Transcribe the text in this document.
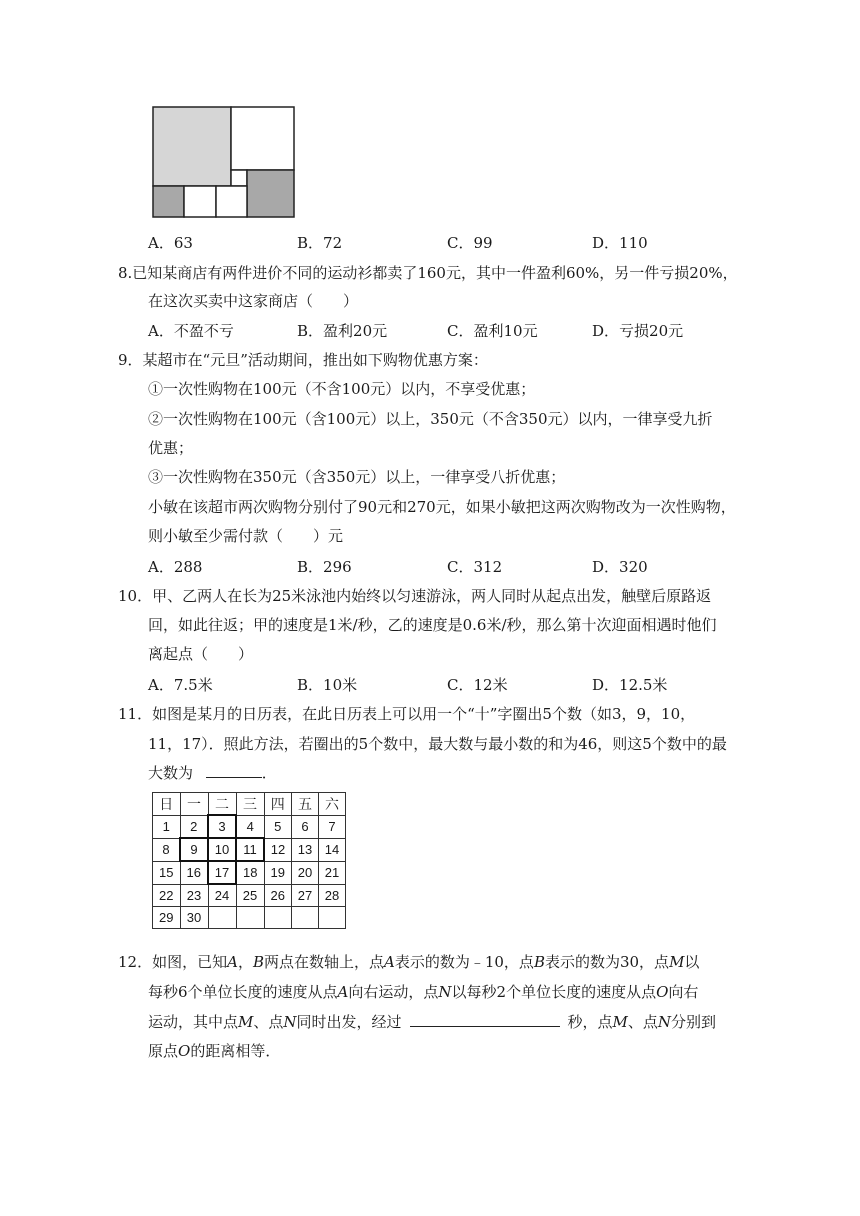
A．63	B．72	C．99	D．110
8.已知某商店有两件进价不同的运动衫都卖了160元，其中一件盈利60%，另一件亏损20%，
在这次买卖中这家商店（　　）
A．不盈不亏	B．盈利20元	C．盈利10元	D．亏损20元
9．某超市在“元旦”活动期间，推出如下购物优惠方案：
①一次性购物在100元（不含100元）以内，不享受优惠；
②一次性购物在100元（含100元）以上，350元（不含350元）以内，一律享受九折
优惠；
③一次性购物在350元（含350元）以上，一律享受八折优惠；
小敏在该超市两次购物分别付了90元和270元，如果小敏把这两次购物改为一次性购物，
则小敏至少需付款（　　）元
A．288	B．296	C．312	D．320
10．甲、乙两人在长为25米泳池内始终以匀速游泳，两人同时从起点出发，触壁后原路返
回，如此往返；甲的速度是1米/秒，乙的速度是0.6米/秒，那么第十次迎面相遇时他们
离起点（　　）
A．7.5米	B．10米	C．12米	D．12.5米
11．如图是某月的日历表，在此日历表上可以用一个“十”字圈出5个数（如3，9，10，
11，17）．照此方法，若圈出的5个数中，最大数与最小数的和为46，则这5个数中的最
大数为	．
日	一	二	三	四	五	六
1	2	3	4	5	6	7
8	9	10	11	12	13	14
15	16	17	18	19	20	21
22	23	24	25	26	27	28
29	30					
12．如图，已知A，B两点在数轴上，点A表示的数为﹣10，点B表示的数为30，点M以
每秒6个单位长度的速度从点A向右运动，点N以每秒2个单位长度的速度从点O向右
运动，其中点M、点N同时出发，经过	秒，点M、点N分别到
原点O的距离相等．
